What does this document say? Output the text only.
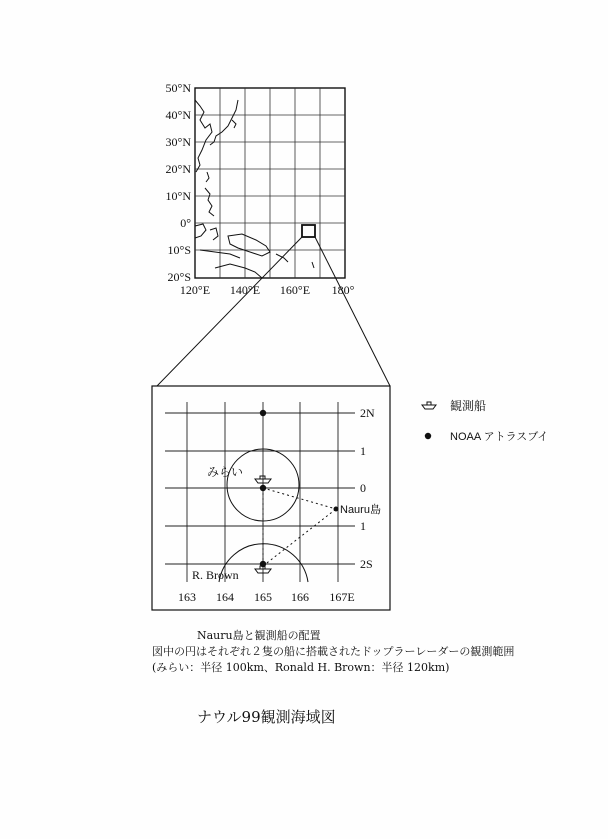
50°N
40°N
30°N
20°N
10°N
0°
10°S
20°S
120°E 140°E 160°E 180°
みらい
R. Brown
Nauru島
2N
1
0
1
2S
163 164 165 166 167E
観測船
NOAA アトラスブイ
Nauru島と観測船の配置
図中の円はそれぞれ２隻の船に搭載されたドップラーレーダーの観測範囲
(みらい：半径 100km、Ronald H. Brown：半径 120km)
ナウル99観測海域図
